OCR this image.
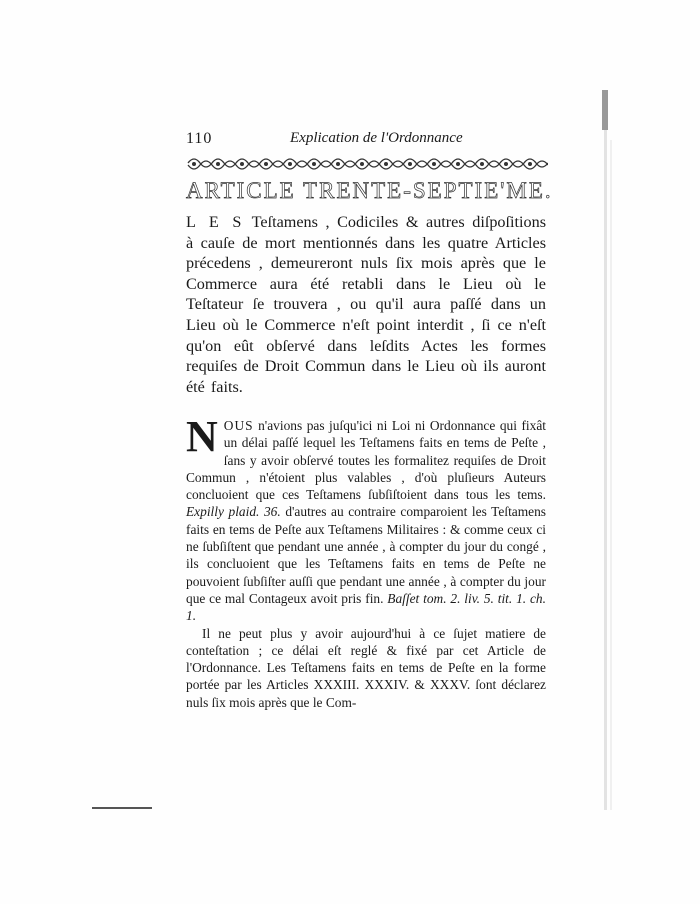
110	Explication de l'Ordonnance
ARTICLE TRENTE-SEPTIE'ME.
L E S Teſtamens , Codiciles & autres diſpoſitions à cauſe de mort mentionnés dans les quatre Articles précedens , demeureront nuls ſix mois après que le Commerce aura été retabli dans le Lieu où le Teſtateur ſe trouvera , ou qu'il aura paſſé dans un Lieu où le Commerce n'eſt point interdit , ſi ce n'eſt qu'on eût obſervé dans leſdits Actes les formes requiſes de Droit Commun dans le Lieu où ils auront été faits.

N OUS n'avions pas juſqu'ici ni Loi ni Ordonnance qui fixât un délai paſſé lequel les Teſtamens faits en tems de Peſte , ſans y avoir obſervé toutes les formalitez requiſes de Droit Commun , n'étoient plus valables , d'où pluſieurs Auteurs concluoient que ces Teſtamens ſubſiſtoient dans tous les tems. Expilly plaid. 36. d'autres au contraire comparoient les Teſtamens faits en tems de Peſte aux Teſtamens Militaires : & comme ceux ci ne ſubſiſtent que pendant une année , à compter du jour du congé , ils concluoient que les Teſtamens faits en tems de Peſte ne pouvoient ſubſiſter auſſi que pendant une année , à compter du jour que ce mal Contageux avoit pris fin. Baſſet tom. 2. liv. 5. tit. 1. ch. 1.

Il ne peut plus y avoir aujourd'hui à ce ſujet matiere de conteſtation ; ce délai eſt reglé & fixé par cet Article de l'Ordonnance. Les Teſtamens faits en tems de Peſte en la forme portée par les Articles XXXIII. XXXIV. & XXXV. ſont déclarez nuls ſix mois après que le Com-
